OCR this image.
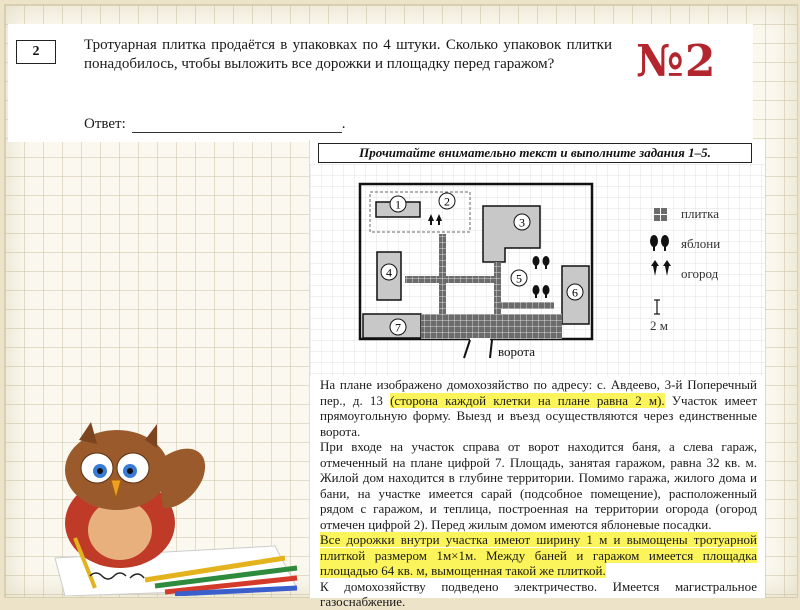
2	Тротуарная плитка продаётся в упаковках по 4 штуки. Сколько упаковок плитки понадобилось, чтобы выложить все дорожки и площадку перед гаражом?
Ответ:	.
№2
Прочитайте внимательно текст и выполните задания 1–5.
1	2
3
4	5
6
7
ворота
плитка
яблони
огород
2 м

На плане изображено домохозяйство по адресу: с. Авдеево, 3-й Поперечный пер., д. 13 (сторона каждой клетки на плане равна 2 м). Участок имеет прямоугольную форму. Выезд и въезд осуществляются через единственные ворота.

При входе на участок справа от ворот находится баня, а слева гараж, отмеченный на плане цифрой 7. Площадь, занятая гаражом, равна 32 кв. м. Жилой дом находится в глубине территории. Помимо гаража, жилого дома и бани, на участке имеется сарай (подсобное помещение), расположенный рядом с гаражом, и теплица, построенная на территории огорода (огород отмечен цифрой 2). Перед жилым домом имеются яблоневые посадки.

Все дорожки внутри участка имеют ширину 1 м и вымощены тротуарной плиткой размером 1м×1м. Между баней и гаражом имеется площадка площадью 64 кв. м, вымощенная такой же плиткой.

К домохозяйству подведено электричество. Имеется магистральное газоснабжение.
